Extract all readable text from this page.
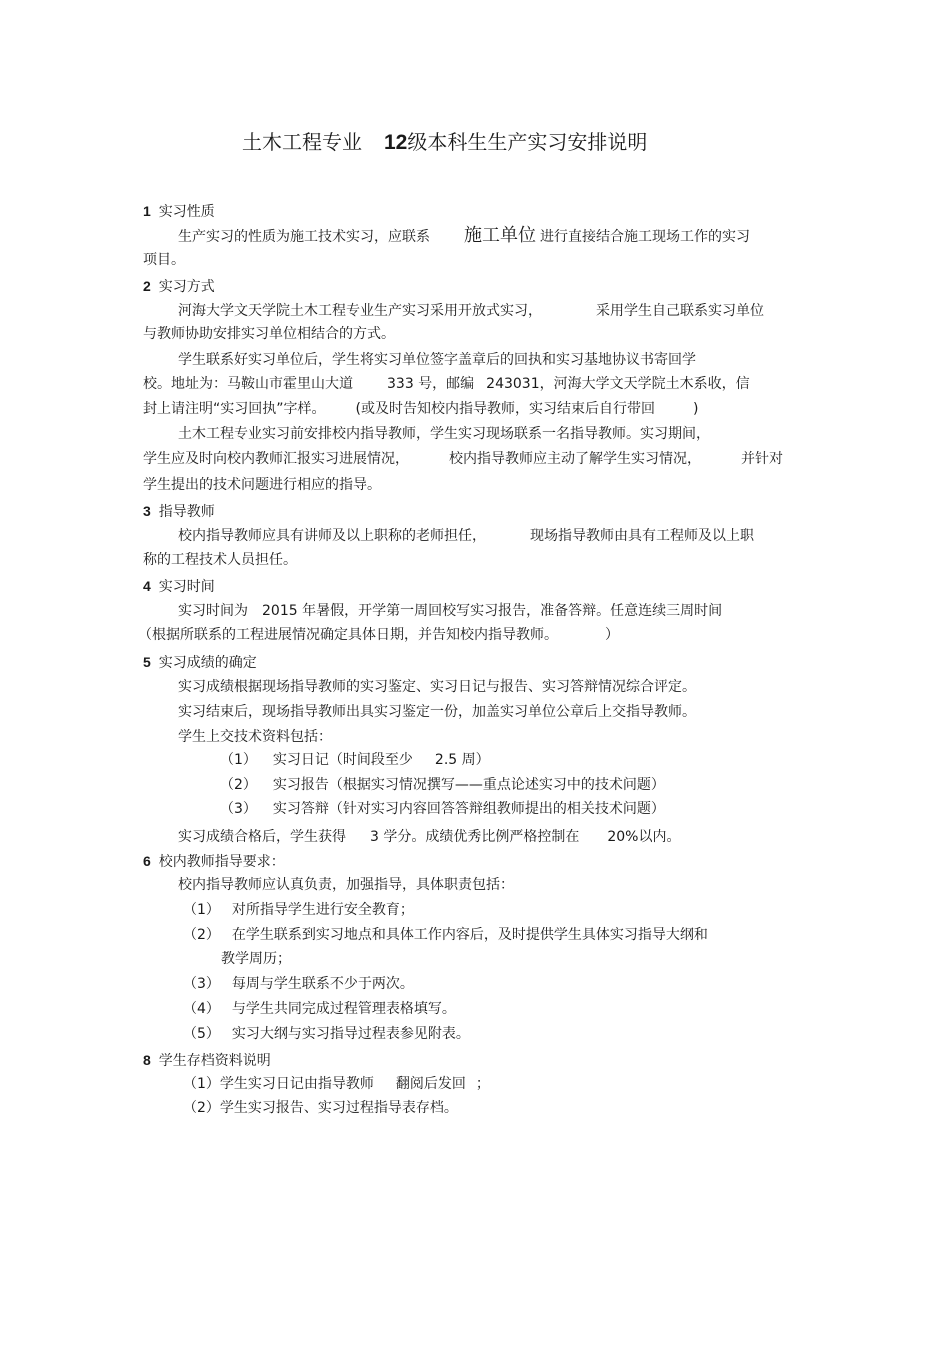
土木工程专业 12级本科生生产实习安排说明
1 实习性质
生产实习的性质为施工技术实习，应联系 施工单位 进行直接结合施工现场工作的实习
项目。
2 实习方式
河海大学文天学院土木工程专业生产实习采用开放式实习，	采用学生自己联系实习单位
与教师协助安排实习单位相结合的方式。
学生联系好实习单位后，学生将实习单位签字盖章后的回执和实习基地协议书寄回学
校。地址为：马鞍山市霍里山大道 333 号，邮编 243031，河海大学文天学院土木系收，信
封上请注明“实习回执”字样。 (或及时告知校内指导教师，实习结束后自行带回	)
土木工程专业实习前安排校内指导教师，学生实习现场联系一名指导教师。实习期间，
学生应及时向校内教师汇报实习进展情况，	校内指导教师应主动了解学生实习情况，	并针对
学生提出的技术问题进行相应的指导。
3 指导教师
校内指导教师应具有讲师及以上职称的老师担任，	现场指导教师由具有工程师及以上职
称的工程技术人员担任。
4 实习时间
实习时间为 2015 年暑假，开学第一周回校写实习报告，准备答辩。任意连续三周时间
（根据所联系的工程进展情况确定具体日期，并告知校内指导教师。	）
5 实习成绩的确定
实习成绩根据现场指导教师的实习鉴定、实习日记与报告、实习答辩情况综合评定。
实习结束后，现场指导教师出具实习鉴定一份，加盖实习单位公章后上交指导教师。
学生上交技术资料包括：
（1） 实习日记（时间段至少 2.5 周）
（2） 实习报告（根据实习情况撰写——重点论述实习中的技术问题）
（3） 实习答辩（针对实习内容回答答辩组教师提出的相关技术问题）
实习成绩合格后，学生获得 3 学分。成绩优秀比例严格控制在 20%以内。
6 校内教师指导要求：
校内指导教师应认真负责，加强指导，具体职责包括：
（1） 对所指导学生进行安全教育；
（2） 在学生联系到实习地点和具体工作内容后，及时提供学生具体实习指导大纲和
教学周历；
（3） 每周与学生联系不少于两次。
（4） 与学生共同完成过程管理表格填写。
（5） 实习大纲与实习指导过程表参见附表。
8 学生存档资料说明
（1）学生实习日记由指导教师 翻阅后发回 ；
（2）学生实习报告、实习过程指导表存档。
